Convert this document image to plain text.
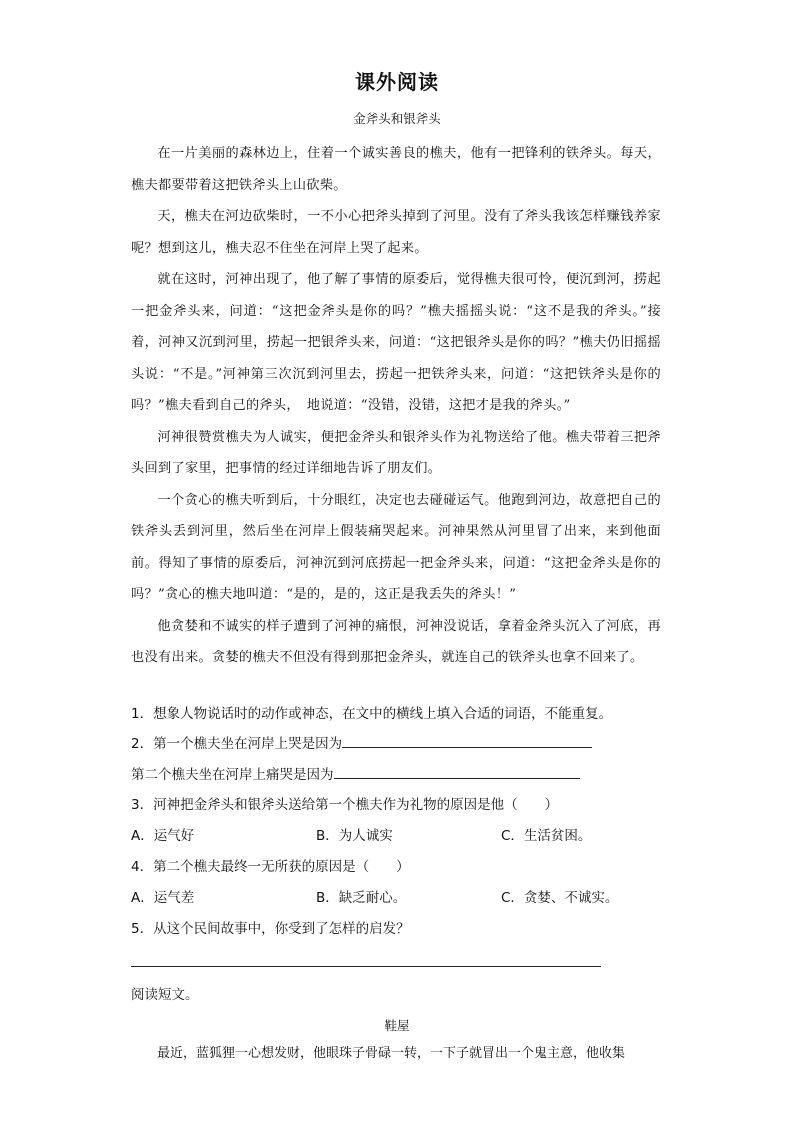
课外阅读
金斧头和银斧头

在一片美丽的森林边上，住着一个诚实善良的樵夫，他有一把锋利的铁斧头。每天，樵夫都要带着这把铁斧头上山砍柴。

天，樵夫在河边砍柴时，一不小心把斧头掉到了河里。没有了斧头我该怎样赚钱养家呢？想到这儿，樵夫忍不住坐在河岸上哭了起来。

就在这时，河神出现了，他了解了事情的原委后，觉得樵夫很可怜，便沉到河，捞起一把金斧头来，问道：“这把金斧头是你的吗？”樵夫摇摇头说：“这不是我的斧头。”接着，河神又沉到河里，捞起一把银斧头来，问道：“这把银斧头是你的吗？”樵夫仍旧摇摇头说：“不是。”河神第三次沉到河里去，捞起一把铁斧头来，问道：“这把铁斧头是你的吗？”樵夫看到自己的斧头，　地说道：“没错，没错，这把才是我的斧头。”

河神很赞赏樵夫为人诚实，便把金斧头和银斧头作为礼物送给了他。樵夫带着三把斧头回到了家里，把事情的经过详细地告诉了朋友们。

一个贪心的樵夫听到后，十分眼红，决定也去碰碰运气。他跑到河边，故意把自己的铁斧头丢到河里，然后坐在河岸上假装痛哭起来。河神果然从河里冒了出来，来到他面前。得知了事情的原委后，河神沉到河底捞起一把金斧头来，问道：“这把金斧头是你的吗？”贪心的樵夫地叫道：“是的，是的，这正是我丢失的斧头！”

他贪婪和不诚实的样子遭到了河神的痛恨，河神没说话，拿着金斧头沉入了河底，再也没有出来。贪婪的樵夫不但没有得到那把金斧头，就连自己的铁斧头也拿不回来了。

1．想象人物说话时的动作或神态，在文中的横线上填入合适的词语，不能重复。
2．第一个樵夫坐在河岸上哭是因为
第二个樵夫坐在河岸上痛哭是因为
3．河神把金斧头和银斧头送给第一个樵夫作为礼物的原因是他（　　）
A．运气好	B．为人诚实	C．生活贫困。
4．第二个樵夫最终一无所获的原因是（　　）
A．运气差	B．缺乏耐心。	C．贪婪、不诚实。
5．从这个民间故事中，你受到了怎样的启发？
阅读短文。
鞋屋

最近，蓝狐狸一心想发财，他眼珠子骨碌一转，一下子就冒出一个鬼主意，他收集
